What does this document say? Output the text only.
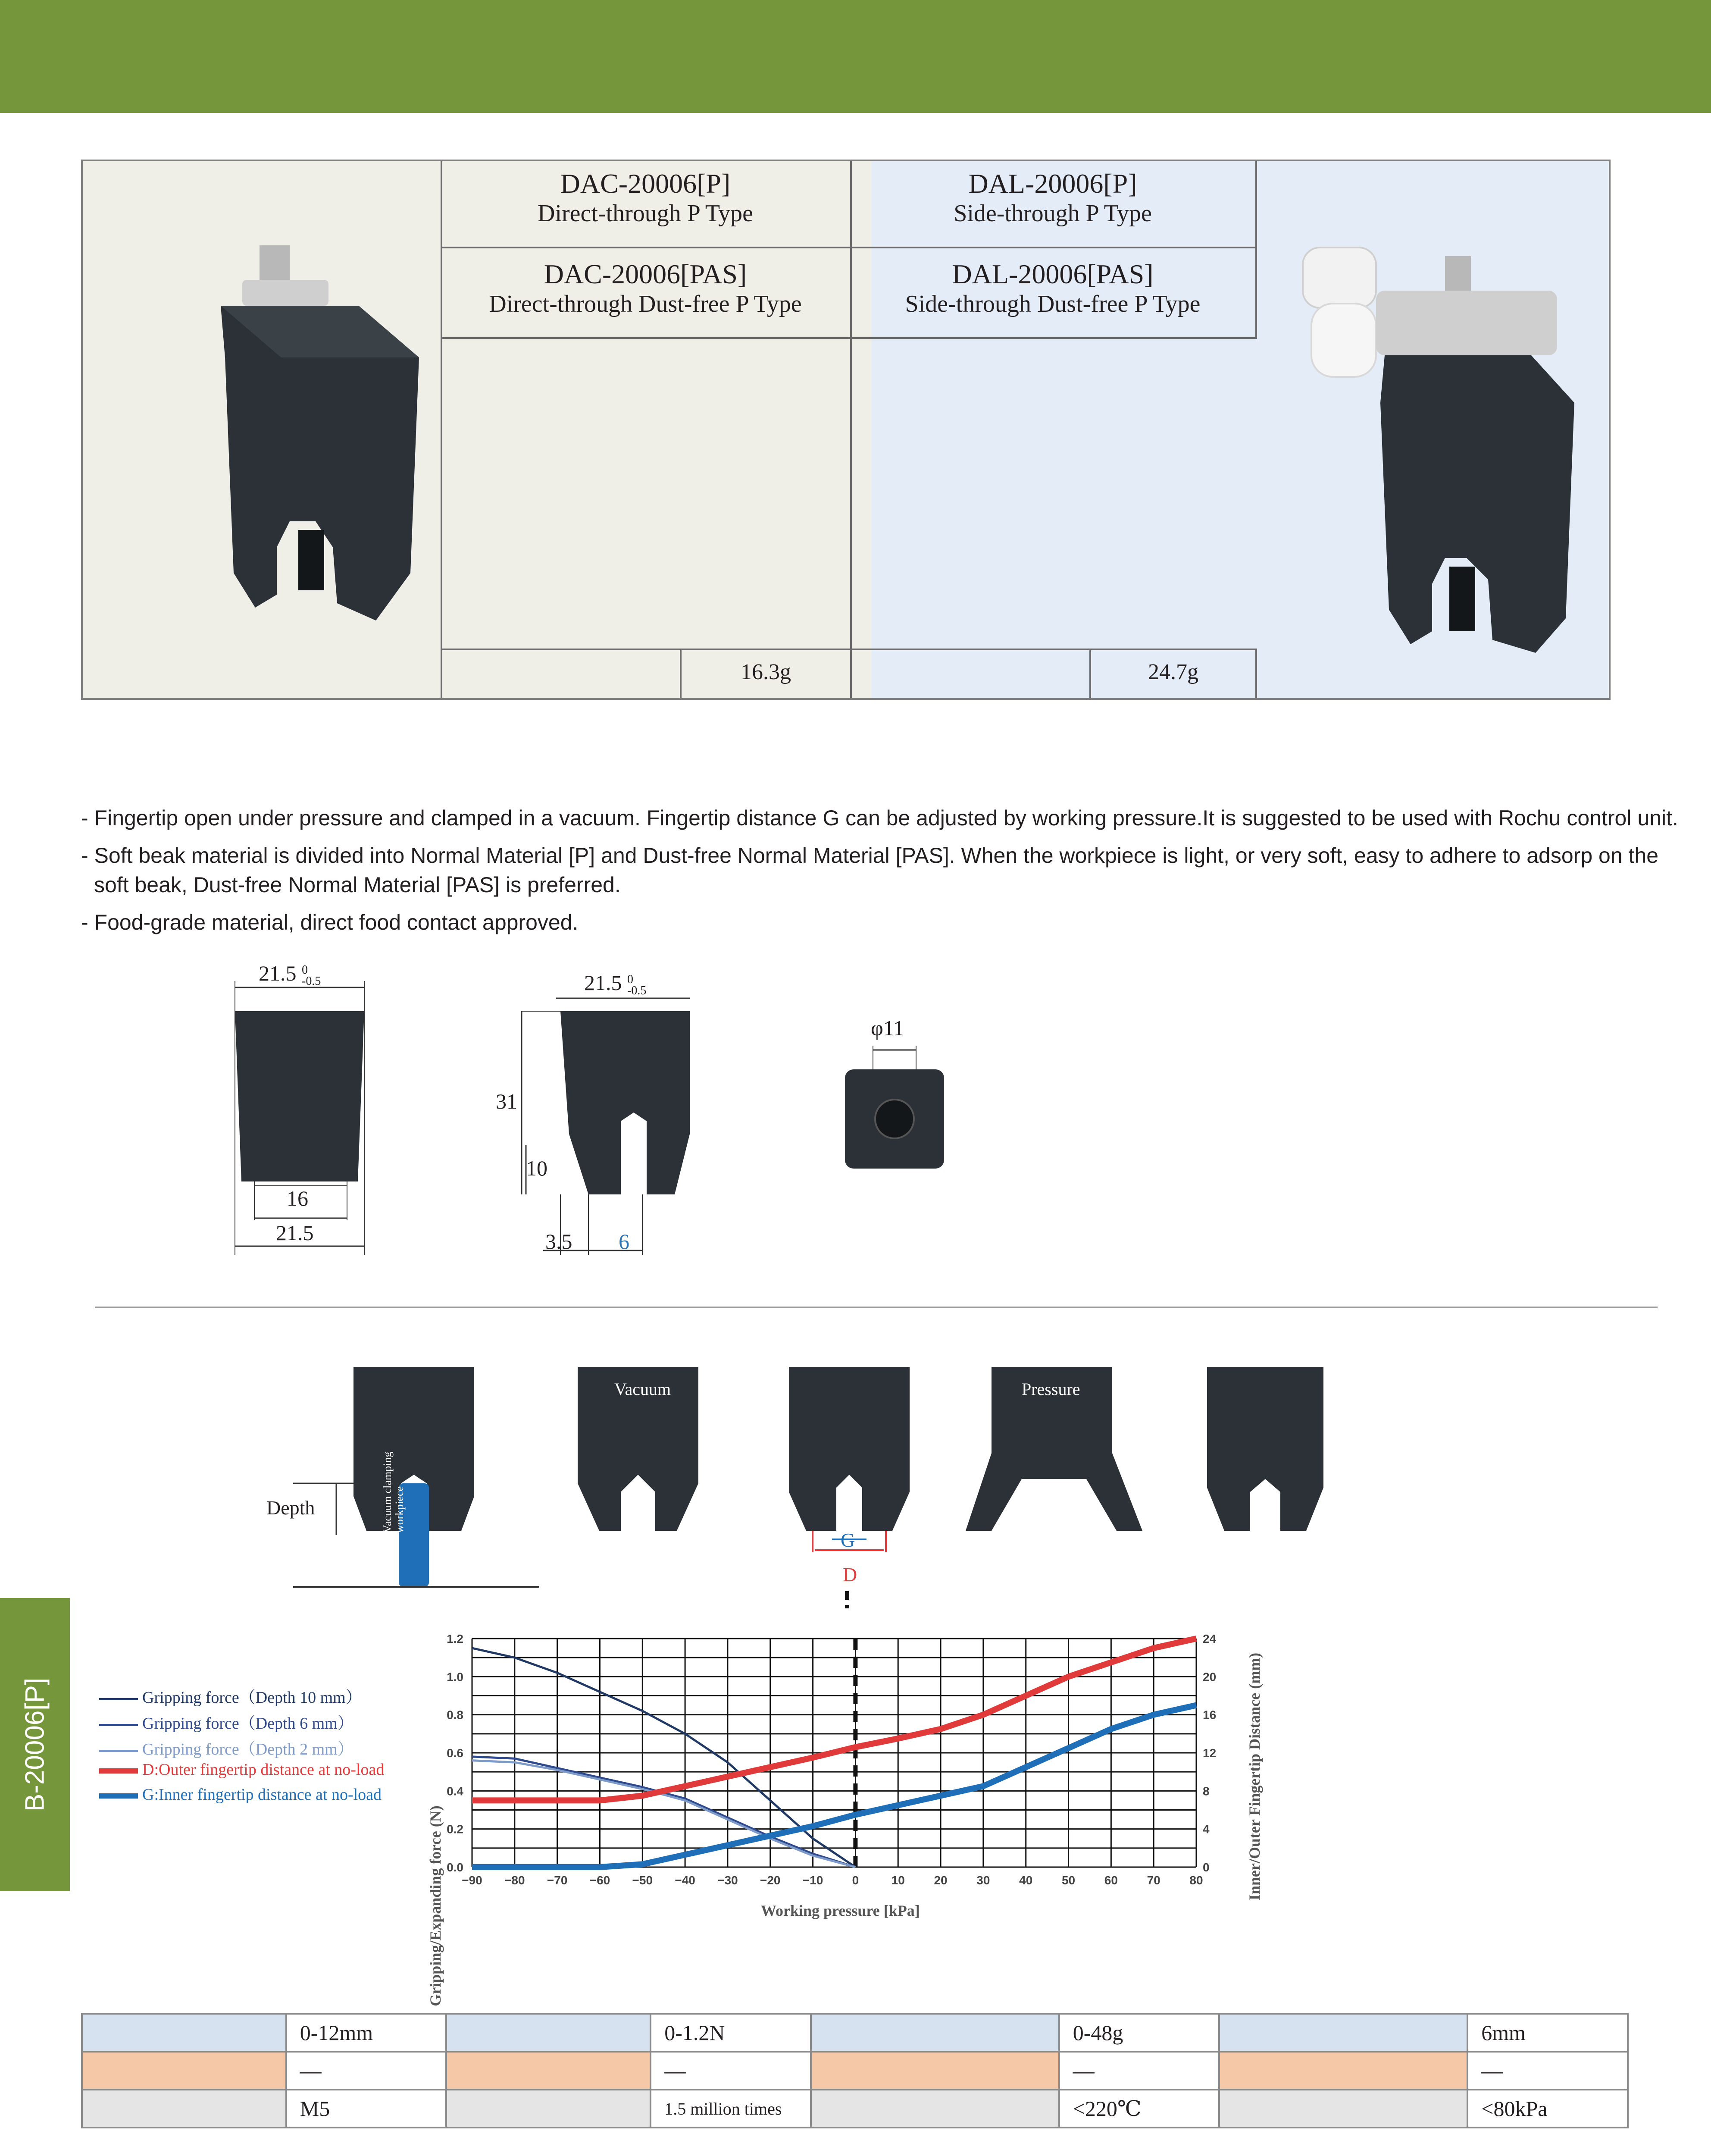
DAC-20006[P]
Direct-through P Type
DAL-20006[P]
Side-through P Type
DAC-20006[PAS]
Direct-through Dust-free P Type
DAL-20006[PAS]
Side-through Dust-free P Type
16.3g	24.7g
- Fingertip open under pressure and clamped in a vacuum. Fingertip distance G can be adjusted by working pressure.It is suggested to be used with Rochu control unit.
- Soft beak material is divided into Normal Material [P] and Dust-free Normal Material [PAS]. When the workpiece is light, or very soft, easy to adhere to adsorp on the
soft beak, Dust-free Normal Material [PAS] is preferred.
- Food-grade material, direct food contact approved.
21.5 0
-0.5
16
21.5
21.5 0
-0.5
31
10
3.5 6
φ11
Depth	Vacuum clamping workpiece
Vacuum	Pressure
G
D
Gripping force（Depth 10 mm）
Gripping force（Depth 6 mm）
Gripping force（Depth 2 mm）
D:Outer fingertip distance at no-load
G:Inner fingertip distance at no-load
−90 −80 −70 −60 −50 −40 −30 −20 −10 0	10 20 30 40 50 60 70 80
0.0
0.2
0.4
0.6
0.8
1.0
1.2
0
4
8
12
16
20
24
Gripping/Expanding force (N)
Inner/Outer Fingertip Distance (mm)
Working pressure [kPa]
	0-12mm		0-1.2N		0-48g		6mm
	—		—		—		—
	M5		1.5 million times		<220℃		<80kPa
B-20006[P]
